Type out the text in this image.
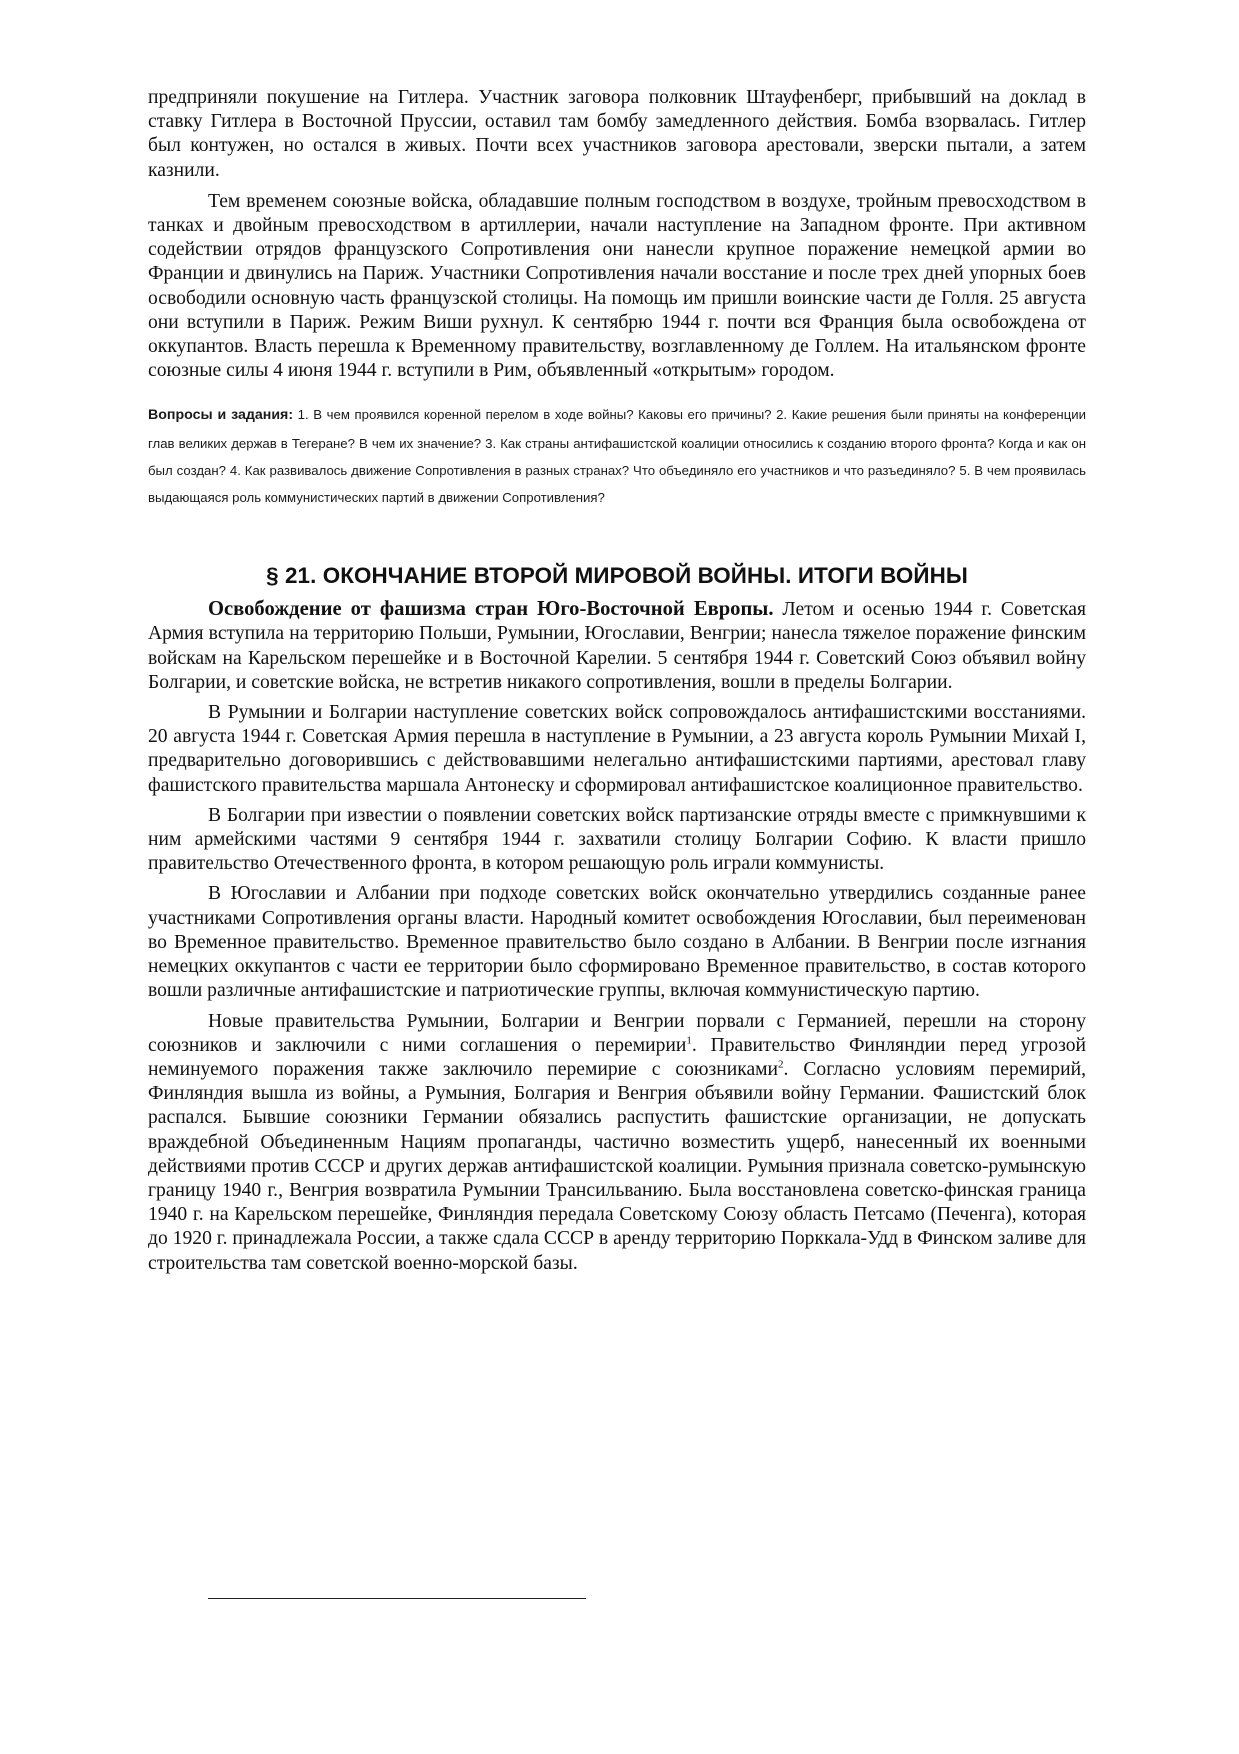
предприняли покушение на Гитлера. Участник заговора полковник Штауфенберг, прибывший на доклад в ставку Гитлера в Восточной Пруссии, оставил там бомбу замедленного действия. Бомба взорвалась. Гитлер был контужен, но остался в живых. Почти всех участников заговора арестовали, зверски пытали, а затем казнили.

Тем временем союзные войска, обладавшие полным господством в воздухе, тройным превосходством в танках и двойным превосходством в артиллерии, начали наступление на Западном фронте. При активном содействии отрядов французского Сопротивления они нанесли крупное поражение немецкой армии во Франции и двинулись на Париж. Участники Сопротивления начали восстание и после трех дней упорных боев освободили основную часть французской столицы. На помощь им пришли воинские части де Голля. 25 августа они вступили в Париж. Режим Виши рухнул. К сентябрю 1944 г. почти вся Франция была освобождена от оккупантов. Власть перешла к Временному правительству, возглавленному де Голлем. На итальянском фронте союзные силы 4 июня 1944 г. вступили в Рим, объявленный «открытым» городом.

Вопросы и задания: 1. В чем проявился коренной перелом в ходе войны? Каковы его причины? 2. Какие решения были приняты на конференции глав великих держав в Тегеране? В чем их значение? 3. Как страны антифашистской коалиции относились к созданию второго фронта? Когда и как он был создан? 4. Как развивалось движение Сопротивления в разных странах? Что объединяло его участников и что разъединяло? 5. В чем проявилась выдающаяся роль коммунистических партий в движении Сопротивления?

§ 21. ОКОНЧАНИЕ ВТОРОЙ МИРОВОЙ ВОЙНЫ. ИТОГИ ВОЙНЫ

Освобождение от фашизма стран Юго-Восточной Европы. Летом и осенью 1944 г. Советская Армия вступила на территорию Польши, Румынии, Югославии, Венгрии; нанесла тяжелое поражение финским войскам на Карельском перешейке и в Восточной Карелии. 5 сентября 1944 г. Советский Союз объявил войну Болгарии, и советские войска, не встретив никакого сопротивления, вошли в пределы Болгарии.

В Румынии и Болгарии наступление советских войск сопровождалось антифашистскими восстаниями. 20 августа 1944 г. Советская Армия перешла в наступление в Румынии, а 23 августа король Румынии Михай I, предварительно договорившись с действовавшими нелегально антифашистскими партиями, арестовал главу фашистского правительства маршала Антонеску и сформировал антифашистское коалиционное правительство.

В Болгарии при известии о появлении советских войск партизанские отряды вместе с примкнувшими к ним армейскими частями 9 сентября 1944 г. захватили столицу Болгарии Софию. К власти пришло правительство Отечественного фронта, в котором решающую роль играли коммунисты.

В Югославии и Албании при подходе советских войск окончательно утвердились созданные ранее участниками Сопротивления органы власти. Народный комитет освобождения Югославии, был переименован во Временное правительство. Временное правительство было создано в Албании. В Венгрии после изгнания немецких оккупантов с части ее территории было сформировано Временное правительство, в состав которого вошли различные антифашистские и патриотические группы, включая коммунистическую партию.

Новые правительства Румынии, Болгарии и Венгрии порвали с Германией, перешли на сторону союзников и заключили с ними соглашения о перемирии$^1$. Правительство Финляндии перед угрозой неминуемого поражения также заключило перемирие с союзниками$^2$. Согласно условиям перемирий, Финляндия вышла из войны, а Румыния, Болгария и Венгрия объявили войну Германии. Фашистский блок распался. Бывшие союзники Германии обязались распустить фашистские организации, не допускать враждебной Объединенным Нациям пропаганды, частично возместить ущерб, нанесенный их военными действиями против СССР и других держав антифашистской коалиции. Румыния признала советско-румынскую границу 1940 г., Венгрия возвратила Румынии Трансильванию. Была восстановлена советско-финская граница 1940 г. на Карельском перешейке, Финляндия передала Советскому Союзу область Петсамо (Печенга), которая до 1920 г. принадлежала России, а также сдала СССР в аренду территорию Порккала-Удд в Финском заливе для строительства там советской военно-морской базы.
